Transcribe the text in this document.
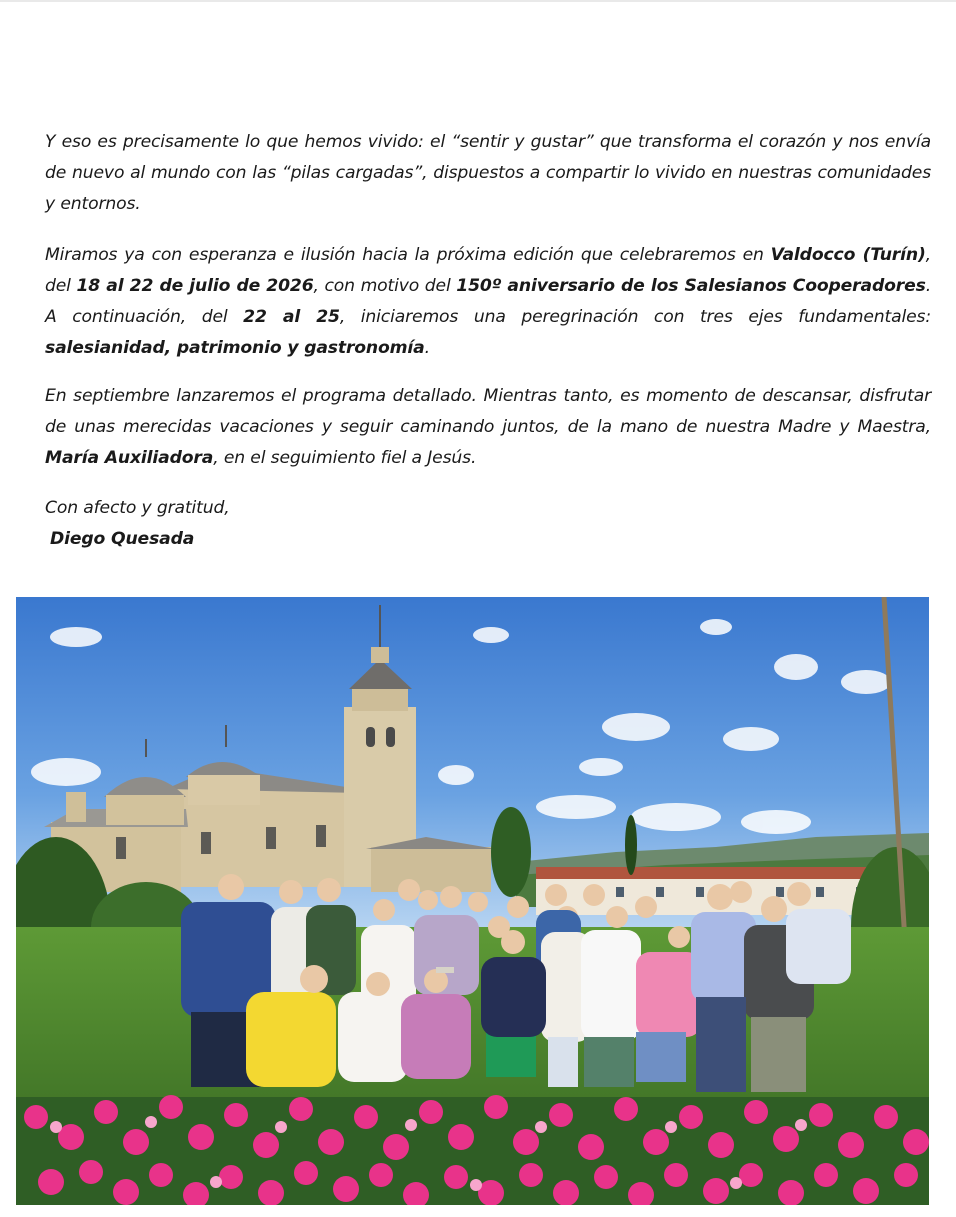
Y eso es precisamente lo que hemos vivido: el “sentir y gustar” que transforma el corazón y nos envía de nuevo al mundo con las “pilas cargadas”, dispuestos a compartir lo vivido en nuestras comunidades y entornos.

Miramos ya con esperanza e ilusión hacia la próxima edición que celebraremos en Valdocco (Turín), del 18 al 22 de julio de 2026, con motivo del 150º aniversario de los Salesianos Cooperadores. A continuación, del 22 al 25, iniciaremos una peregrinación con tres ejes fundamentales: salesianidad, patrimonio y gastronomía.

En septiembre lanzaremos el programa detallado. Mientras tanto, es momento de descansar, disfrutar de unas merecidas vacaciones y seguir caminando juntos, de la mano de nuestra Madre y Maestra, María Auxiliadora, en el seguimiento fiel a Jesús.

Con afecto y gratitud,

Diego Quesada
